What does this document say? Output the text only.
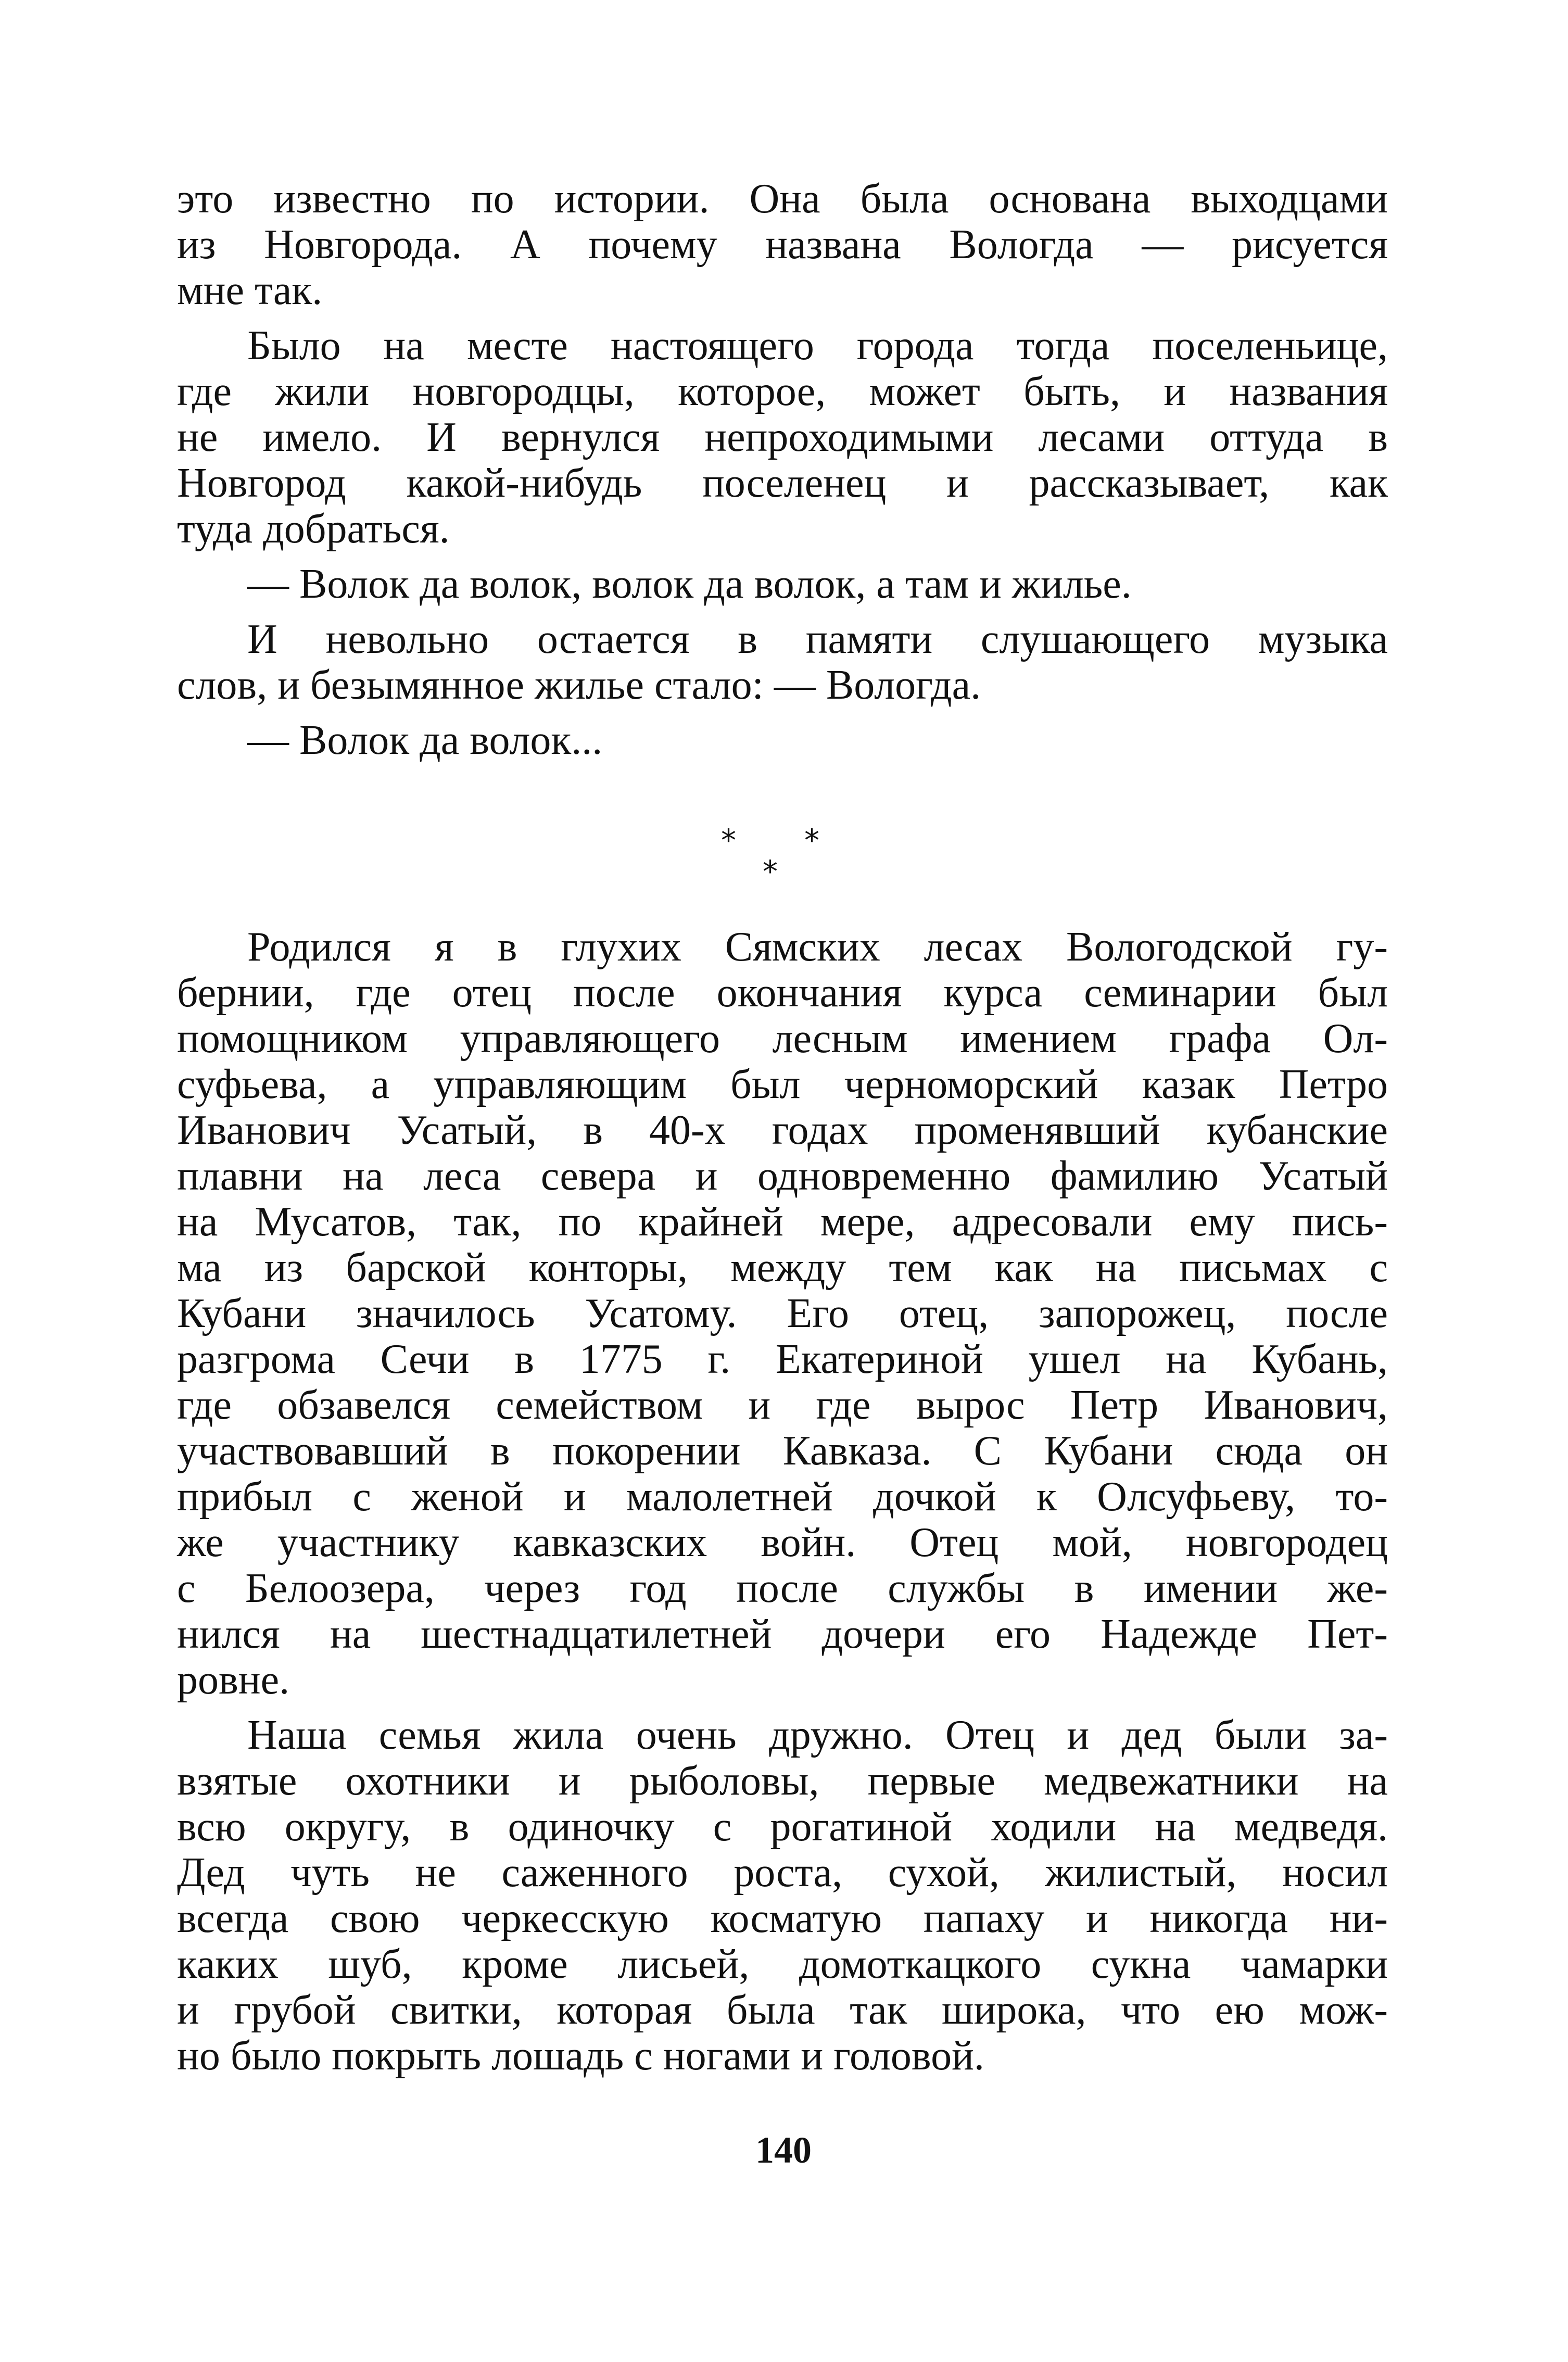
это известно по истории. Она была основана выходцами
из Новгорода. А почему названа Вологда — рисуется
мне так.
Было на месте настоящего города тогда поселеньице,
где жили новгородцы, которое, может быть, и названия
не имело. И вернулся непроходимыми лесами оттуда в
Новгород какой-нибудь поселенец и рассказывает, как
туда добраться.
— Волок да волок, волок да волок, а там и жилье.
И невольно остается в памяти слушающего музыка
слов, и безымянное жилье стало: — Вологда.
— Волок да волок...
* *
*
Родился я в глухих Сямских лесах Вологодской гу-
бернии, где отец после окончания курса семинарии был
помощником управляющего лесным имением графа Ол-
суфьева, а управляющим был черноморский казак Петро
Иванович Усатый, в 40-х годах променявший кубанские
плавни на леса севера и одновременно фамилию Усатый
на Мусатов, так, по крайней мере, адресовали ему пись-
ма из барской конторы, между тем как на письмах с
Кубани значилось Усатому. Его отец, запорожец, после
разгрома Сечи в 1775 г. Екатериной ушел на Кубань,
где обзавелся семейством и где вырос Петр Иванович,
участвовавший в покорении Кавказа. С Кубани сюда он
прибыл с женой и малолетней дочкой к Олсуфьеву, то-
же участнику кавказских войн. Отец мой, новгородец
с Белоозера, через год после службы в имении же-
нился на шестнадцатилетней дочери его Надежде Пет-
ровне.
Наша семья жила очень дружно. Отец и дед были за-
взятые охотники и рыболовы, первые медвежатники на
всю округу, в одиночку с рогатиной ходили на медведя.
Дед чуть не саженного роста, сухой, жилистый, носил
всегда свою черкесскую косматую папаху и никогда ни-
каких шуб, кроме лисьей, домоткацкого сукна чамарки
и грубой свитки, которая была так широка, что ею мож-
но было покрыть лошадь с ногами и головой.
140
